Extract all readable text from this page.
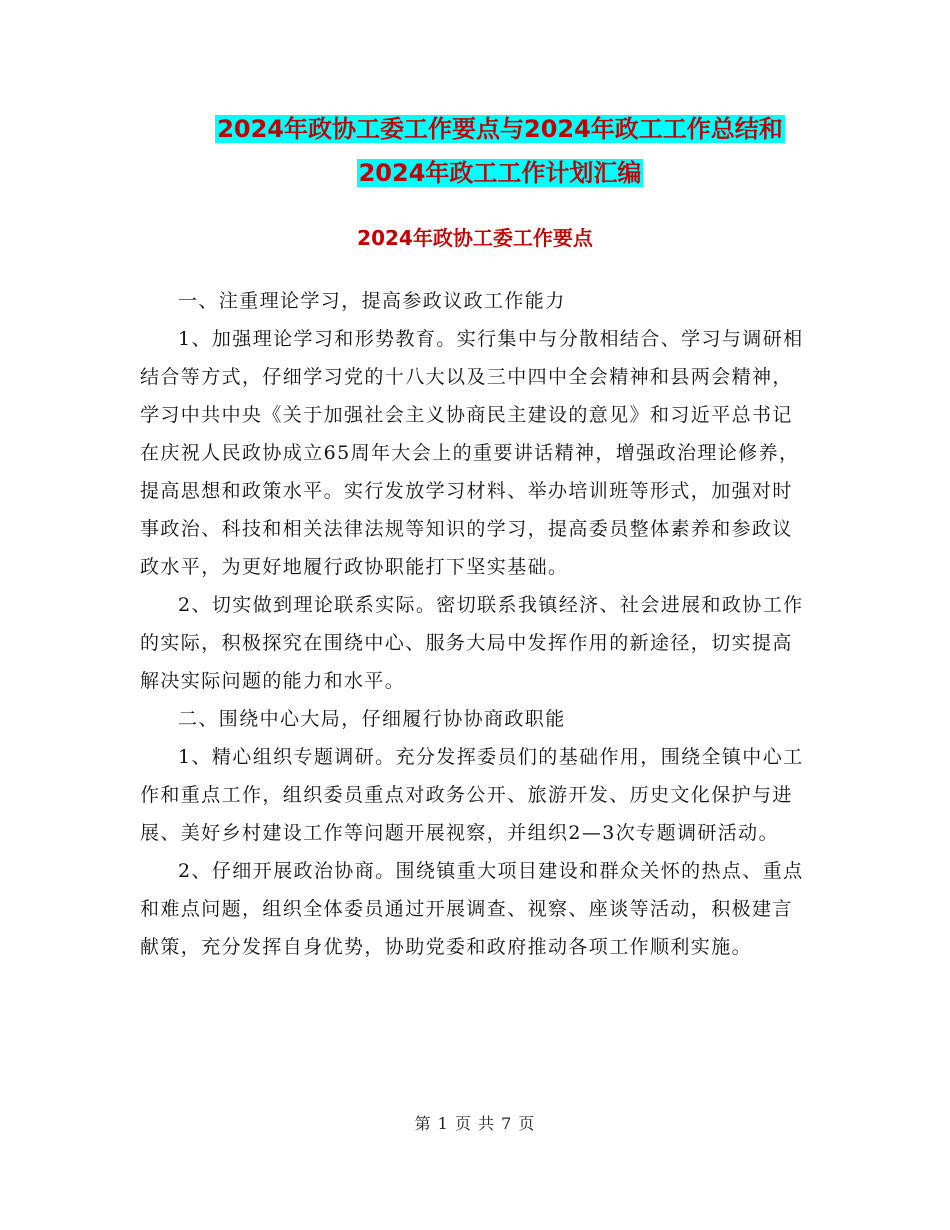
2024年政协工委工作要点与2024年政工工作总结和
2024年政工工作计划汇编
2024年政协工委工作要点

一、注重理论学习，提高参政议政工作能力

1、加强理论学习和形势教育。实行集中与分散相结合、学习与调研相结合等方式，仔细学习党的十八大以及三中四中全会精神和县两会精神，学习中共中央《关于加强社会主义协商民主建设的意见》和习近平总书记在庆祝人民政协成立65周年大会上的重要讲话精神，增强政治理论修养，提高思想和政策水平。实行发放学习材料、举办培训班等形式，加强对时事政治、科技和相关法律法规等知识的学习，提高委员整体素养和参政议政水平，为更好地履行政协职能打下坚实基础。

2、切实做到理论联系实际。密切联系我镇经济、社会进展和政协工作的实际，积极探究在围绕中心、服务大局中发挥作用的新途径，切实提高解决实际问题的能力和水平。

二、围绕中心大局，仔细履行协协商政职能

1、精心组织专题调研。充分发挥委员们的基础作用，围绕全镇中心工作和重点工作，组织委员重点对政务公开、旅游开发、历史文化保护与进展、美好乡村建设工作等问题开展视察，并组织2—3次专题调研活动。

2、仔细开展政治协商。围绕镇重大项目建设和群众关怀的热点、重点和难点问题，组织全体委员通过开展调查、视察、座谈等活动，积极建言献策，充分发挥自身优势，协助党委和政府推动各项工作顺利实施。

第 1 页 共 7 页
